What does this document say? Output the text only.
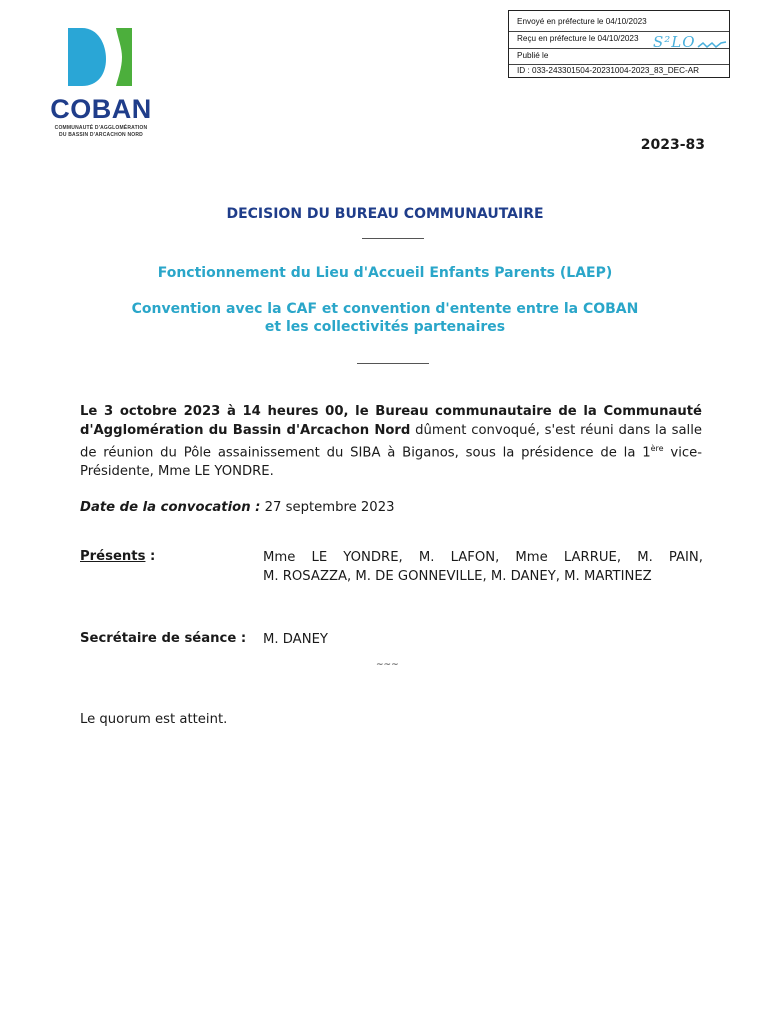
Envoyé en préfecture le 04/10/2023
Reçu en préfecture le 04/10/2023
Publié le
ID : 033-243301504-20231004-2023_83_DEC-AR
S²LO
COBAN
COMMUNAUTÉ D'AGGLOMÉRATION
DU BASSIN D'ARCACHON NORD
2023-83
DECISION DU BUREAU COMMUNAUTAIRE
Fonctionnement du Lieu d'Accueil Enfants Parents (LAEP)
Convention avec la CAF et convention d'entente entre la COBAN
et les collectivités partenaires
Le 3 octobre 2023 à 14 heures 00, le Bureau communautaire de la Communauté d'Agglomération du Bassin d'Arcachon Nord dûment convoqué, s'est réuni dans la salle de réunion du Pôle assainissement du SIBA à Biganos, sous la présidence de la 1ère vice-Présidente, Mme LE YONDRE.
Date de la convocation : 27 septembre 2023
Présents :	Mme LE YONDRE, M. LAFON, Mme LARRUE, M. PAIN,
M. ROSAZZA, M. DE GONNEVILLE, M. DANEY, M. MARTINEZ
Secrétaire de séance : M. DANEY
~~~
Le quorum est atteint.
